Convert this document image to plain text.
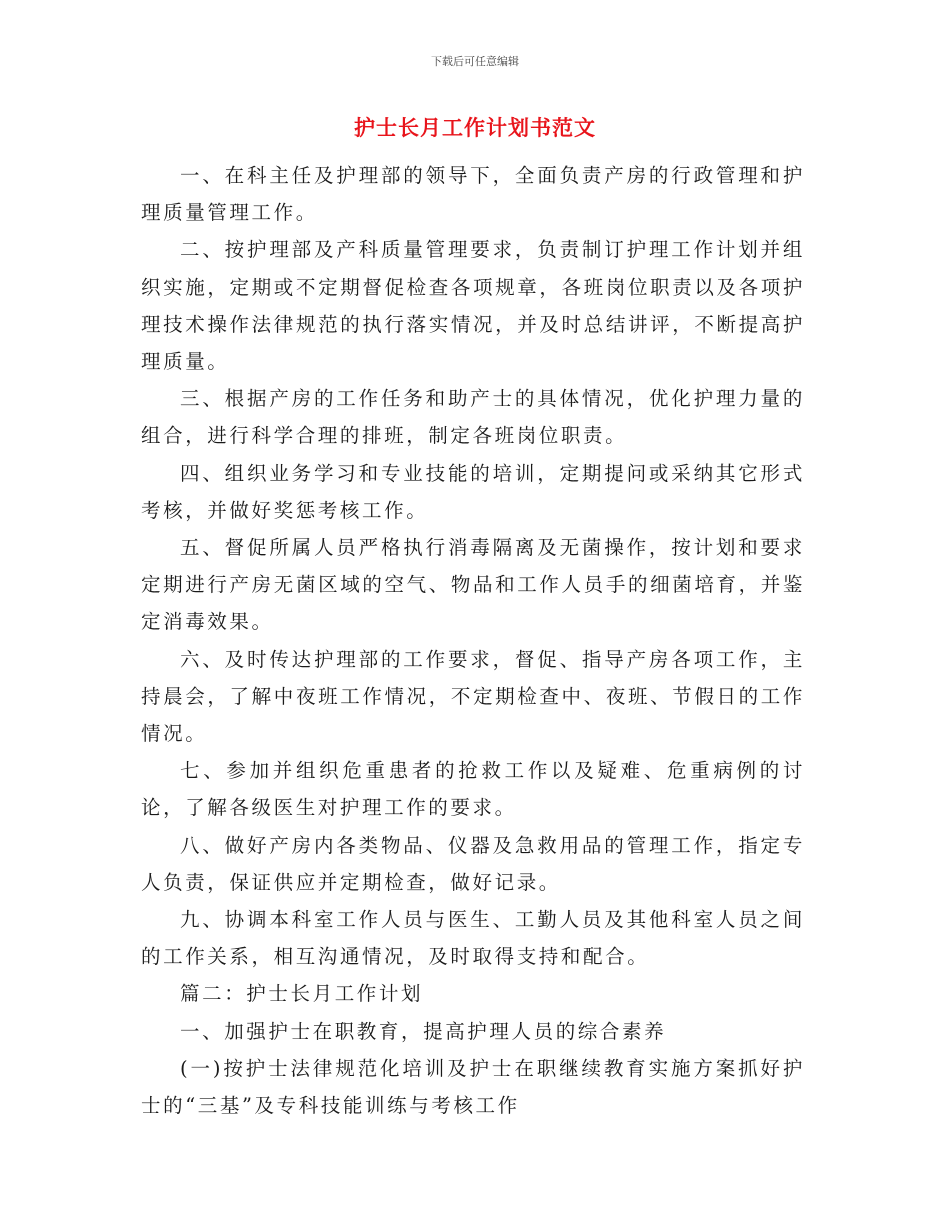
下载后可任意编辑
护士长月工作计划书范文

一、在科主任及护理部的领导下，全面负责产房的行政管理和护理质量管理工作。

二、按护理部及产科质量管理要求，负责制订护理工作计划并组织实施，定期或不定期督促检查各项规章，各班岗位职责以及各项护理技术操作法律规范的执行落实情况，并及时总结讲评，不断提高护理质量。

三、根据产房的工作任务和助产士的具体情况，优化护理力量的组合，进行科学合理的排班，制定各班岗位职责。

四、组织业务学习和专业技能的培训，定期提问或采纳其它形式考核，并做好奖惩考核工作。

五、督促所属人员严格执行消毒隔离及无菌操作，按计划和要求定期进行产房无菌区域的空气、物品和工作人员手的细菌培育，并鉴定消毒效果。

六、及时传达护理部的工作要求，督促、指导产房各项工作，主持晨会，了解中夜班工作情况，不定期检查中、夜班、节假日的工作情况。

七、参加并组织危重患者的抢救工作以及疑难、危重病例的讨论，了解各级医生对护理工作的要求。

八、做好产房内各类物品、仪器及急救用品的管理工作，指定专人负责，保证供应并定期检查，做好记录。

九、协调本科室工作人员与医生、工勤人员及其他科室人员之间的工作关系，相互沟通情况，及时取得支持和配合。

篇二：护士长月工作计划

一、加强护士在职教育，提高护理人员的综合素养

(一)按护士法律规范化培训及护士在职继续教育实施方案抓好护士的“三基”及专科技能训练与考核工作
